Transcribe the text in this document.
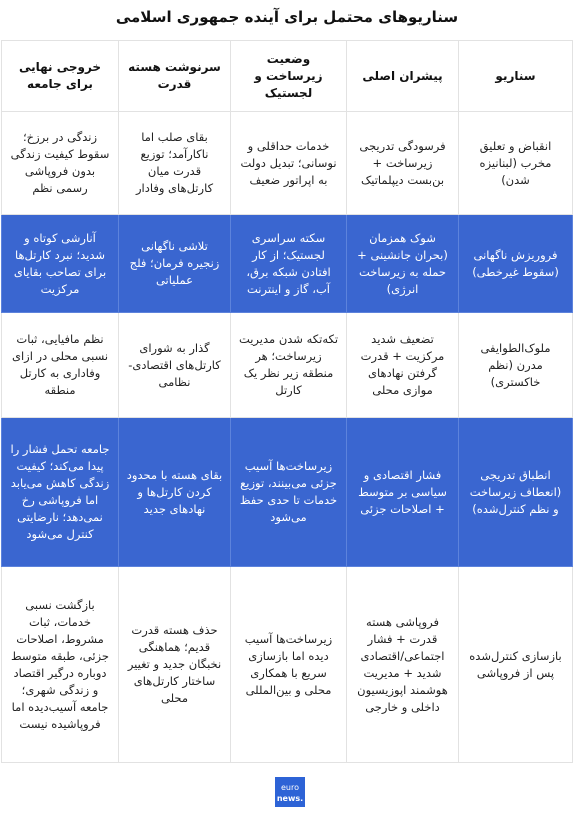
سناریوهای محتمل برای آینده جمهوری اسلامی
سناریو	پیشران اصلی	وضعیت زیرساخت و لجستیک	سرنوشت هسته قدرت	خروجی نهایی برای جامعه
انقباض و تعلیق مخرب (لبنانیزه شدن)	فرسودگی تدریجی زیرساخت + بن‌بست دیپلماتیک	خدمات حداقلی و نوسانی؛ تبدیل دولت به اپراتور ضعیف	بقای صلب اما ناکارآمد؛ توزیع قدرت میان کارتل‌های وفادار	زندگی در برزخ؛ سقوط کیفیت زندگی بدون فروپاشی رسمی نظم
فروریزش ناگهانی (سقوط غیرخطی)	شوک همزمان (بحران جانشینی + حمله به زیرساخت انرژی)	سکته سراسری لجستیک؛ از کار افتادن شبکه برق، آب، گاز و اینترنت	تلاشی ناگهانی زنجیره فرمان؛ فلج عملیاتی	آنارشی کوتاه و شدید؛ نبرد کارتل‌ها برای تصاحب بقایای مرکزیت
ملوک‌الطوایفی مدرن (نظم خاکستری)	تضعیف شدید مرکزیت + قدرت گرفتن نهادهای موازی محلی	تکه‌تکه شدن مدیریت زیرساخت؛ هر منطقه زیر نظر یک کارتل	گذار به شورای کارتل‌های اقتصادی-نظامی	نظم مافیایی، ثبات نسبی محلی در ازای وفاداری به کارتل منطقه
انطباق تدریجی (انعطاف زیرساخت و نظم کنترل‌شده)	فشار اقتصادی و سیاسی بر متوسط + اصلاحات جزئی	زیرساخت‌ها آسیب جزئی می‌بینند، توزیع خدمات تا حدی حفظ می‌شود	بقای هسته با محدود کردن کارتل‌ها و نهادهای جدید	جامعه تحمل فشار را پیدا می‌کند؛ کیفیت زندگی کاهش می‌یابد اما فروپاشی رخ نمی‌دهد؛ نارضایتی کنترل می‌شود
بازسازی کنترل‌شده پس از فروپاشی	فروپاشی هسته قدرت + فشار اجتماعی/اقتصادی شدید + مدیریت هوشمند اپوزیسیون داخلی و خارجی	زیرساخت‌ها آسیب دیده اما بازسازی سریع با همکاری محلی و بین‌المللی	حذف هسته قدرت قدیم؛ هماهنگی نخبگان جدید و تغییر ساختار کارتل‌های محلی	بازگشت نسبی خدمات، ثبات مشروط، اصلاحات جزئی، طبقه متوسط دوباره درگیر اقتصاد و زندگی شهری؛ جامعه آسیب‌دیده اما فروپاشیده نیست
euro
news.
